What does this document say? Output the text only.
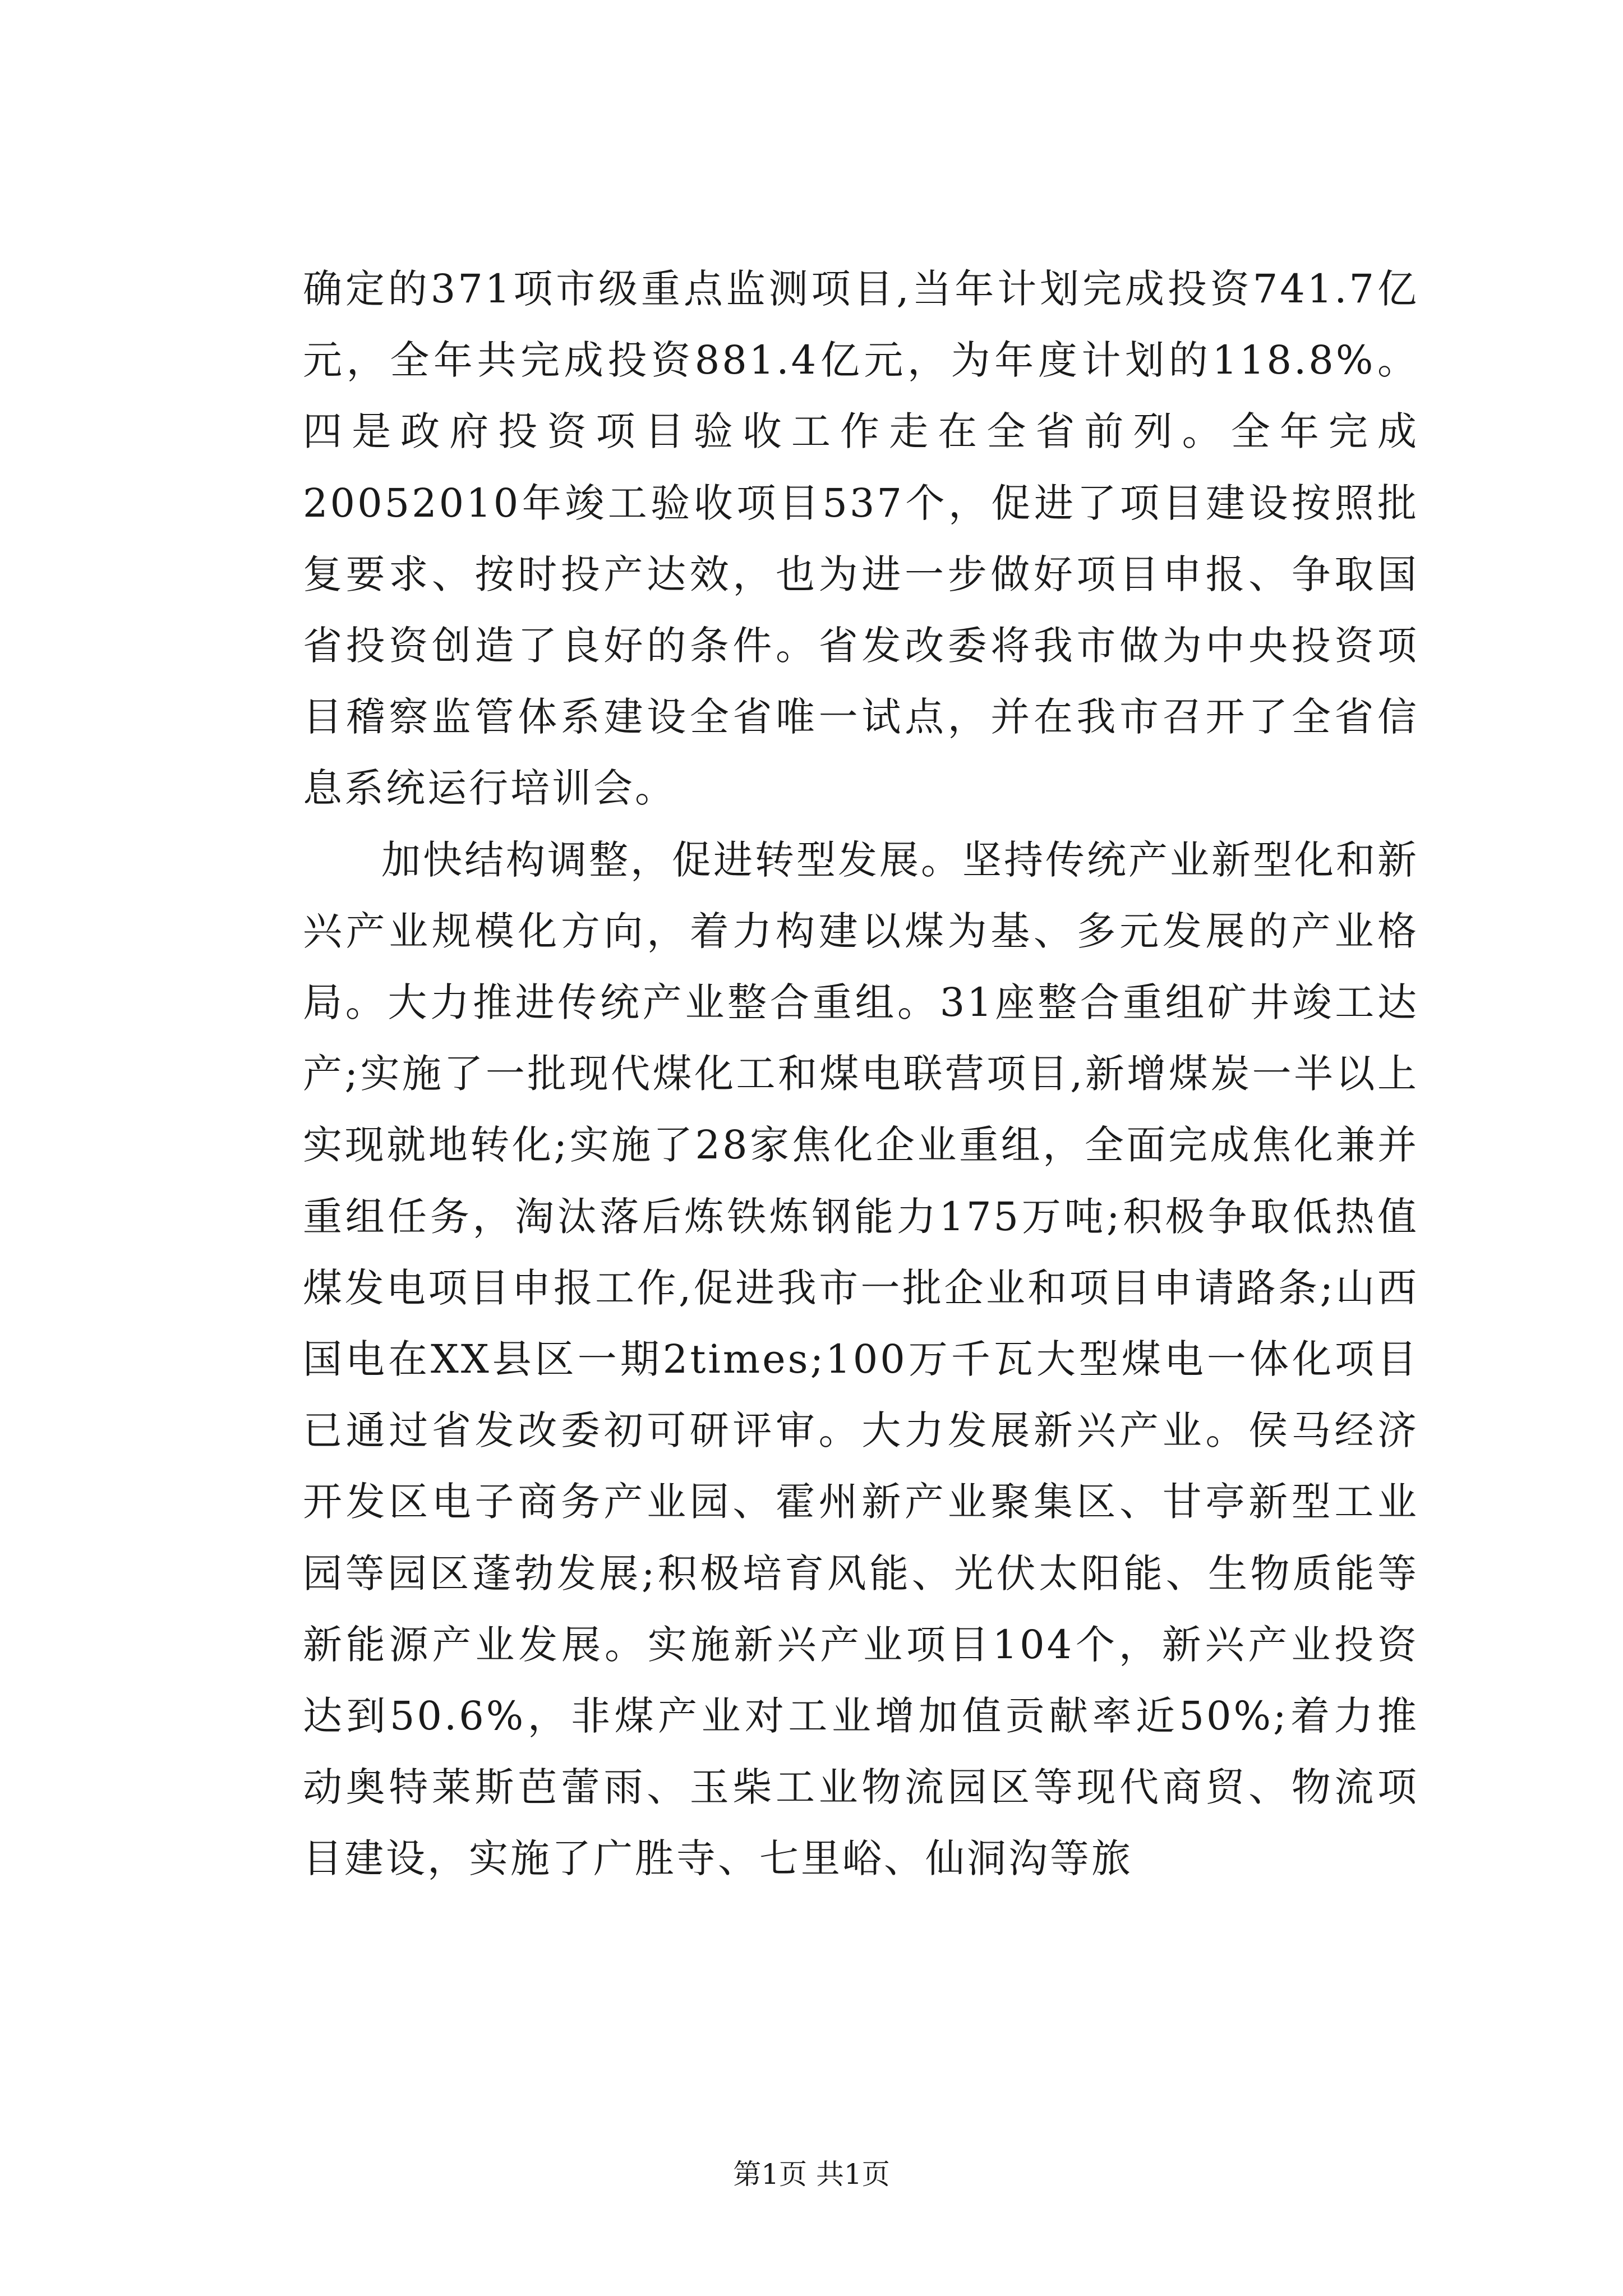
确定的371项市级重点监测项目,当年计划完成投资741.7亿元，全年共完成投资881.4亿元，为年度计划的118.8%。四是政府投资项目验收工作走在全省前列。全年完成20052010年竣工验收项目537个，促进了项目建设按照批复要求、按时投产达效，也为进一步做好项目申报、争取国省投资创造了良好的条件。省发改委将我市做为中央投资项目稽察监管体系建设全省唯一试点，并在我市召开了全省信息系统运行培训会。

加快结构调整，促进转型发展。坚持传统产业新型化和新兴产业规模化方向，着力构建以煤为基、多元发展的产业格局。大力推进传统产业整合重组。31座整合重组矿井竣工达产;实施了一批现代煤化工和煤电联营项目,新增煤炭一半以上实现就地转化;实施了28家焦化企业重组，全面完成焦化兼并重组任务，淘汰落后炼铁炼钢能力175万吨;积极争取低热值煤发电项目申报工作,促进我市一批企业和项目申请路条;山西国电在XX县区一期2times;100万千瓦大型煤电一体化项目已通过省发改委初可研评审。大力发展新兴产业。侯马经济开发区电子商务产业园、霍州新产业聚集区、甘亭新型工业园等园区蓬勃发展;积极培育风能、光伏太阳能、生物质能等新能源产业发展。实施新兴产业项目104个，新兴产业投资达到50.6%，非煤产业对工业增加值贡献率近50%;着力推动奥特莱斯芭蕾雨、玉柴工业物流园区等现代商贸、物流项目建设，实施了广胜寺、七里峪、仙洞沟等旅

第1页 共1页
